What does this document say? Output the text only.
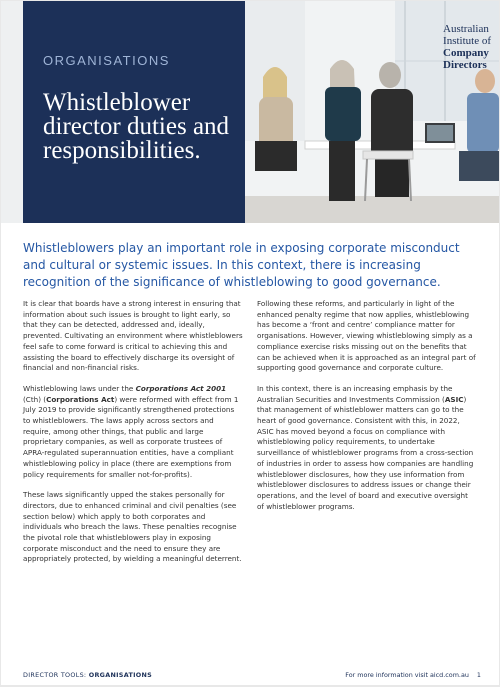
ORGANISATIONS
Whistleblower director duties and responsibilities.
Australian
Institute of
Company
Directors
Whistleblowers play an important role in exposing corporate misconduct and cultural or systemic issues. In this context, there is increasing recognition of the significance of whistleblowing to good governance.

It is clear that boards have a strong interest in ensuring that information about such issues is brought to light early, so that they can be detected, addressed and, ideally, prevented. Cultivating an environment where whistleblowers feel safe to come forward is critical to achieving this and assisting the board to effectively discharge its oversight of financial and non-financial risks.

Whistleblowing laws under the Corporations Act 2001 (Cth) (Corporations Act) were reformed with effect from 1 July 2019 to provide significantly strengthened protections to whistleblowers. The laws apply across sectors and require, among other things, that public and large proprietary companies, as well as corporate trustees of APRA-regulated superannuation entities, have a compliant whistleblowing policy in place (there are exemptions from policy requirements for smaller not-for-profits).

These laws significantly upped the stakes personally for directors, due to enhanced criminal and civil penalties (see section below) which apply to both corporates and individuals who breach the laws. These penalties recognise the pivotal role that whistleblowers play in exposing corporate misconduct and the need to ensure they are appropriately protected, by wielding a meaningful deterrent.

Following these reforms, and particularly in light of the enhanced penalty regime that now applies, whistleblowing has become a ‘front and centre’ compliance matter for organisations. However, viewing whistleblowing simply as a compliance exercise risks missing out on the benefits that can be achieved when it is approached as an integral part of supporting good governance and corporate culture.

In this context, there is an increasing emphasis by the Australian Securities and Investments Commission (ASIC) that management of whistleblower matters can go to the heart of good governance. Consistent with this, in 2022, ASIC has moved beyond a focus on compliance with whistleblowing policy requirements, to undertake surveillance of whistleblower programs from a cross-section of industries in order to assess how companies are handling whistleblower disclosures, how they use information from whistleblower disclosures to address issues or change their operations, and the level of board and executive oversight of whistleblower programs.

DIRECTOR TOOLS: ORGANISATIONS	For more information visit aicd.com.au 1
